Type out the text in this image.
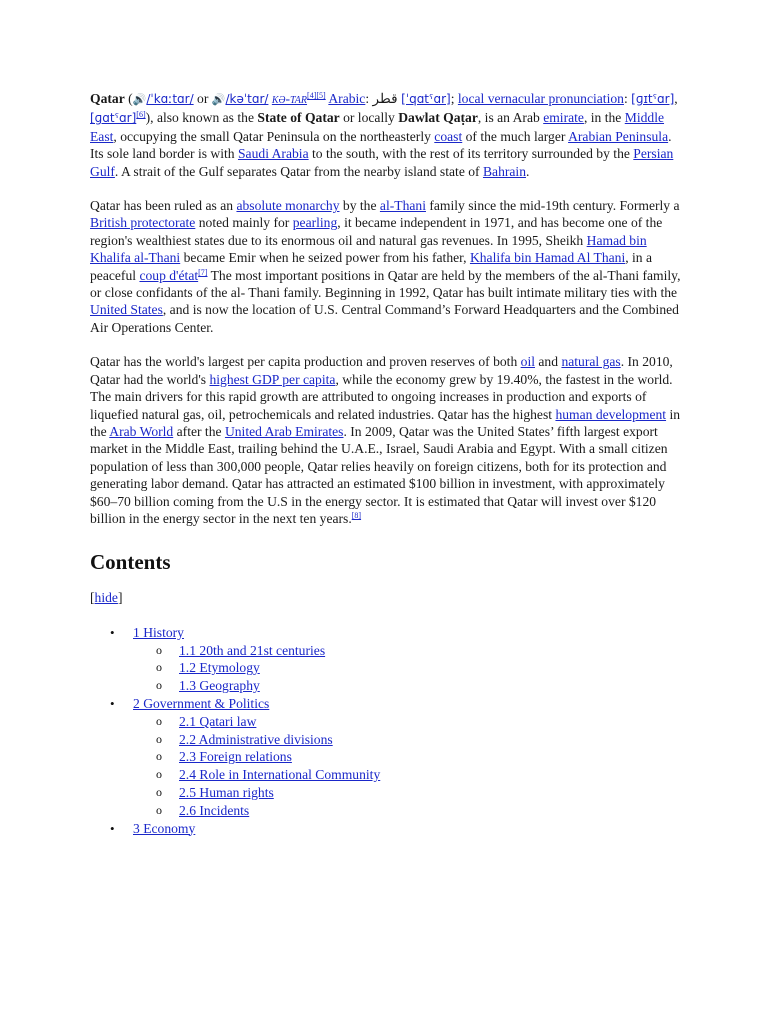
Qatar (🔊/ˈkɑːtɑr/ or 🔊/kəˈtɑr/ kə-tar[4][5] Arabic: قطر [ˈqɑtˤɑr]; local vernacular pronunciation: [ɡɪtˤɑr], [ɡɑtˤɑr][6]), also known as the State of Qatar or locally Dawlat Qaṭar, is an Arab emirate, in the Middle East, occupying the small Qatar Peninsula on the northeasterly coast of the much larger Arabian Peninsula. Its sole land border is with Saudi Arabia to the south, with the rest of its territory surrounded by the Persian Gulf. A strait of the Gulf separates Qatar from the nearby island state of Bahrain.

Qatar has been ruled as an absolute monarchy by the al-Thani family since the mid-19th century. Formerly a British protectorate noted mainly for pearling, it became independent in 1971, and has become one of the region's wealthiest states due to its enormous oil and natural gas revenues. In 1995, Sheikh Hamad bin Khalifa al-Thani became Emir when he seized power from his father, Khalifa bin Hamad Al Thani, in a peaceful coup d'état[7] The most important positions in Qatar are held by the members of the al-Thani family, or close confidants of the al- Thani family. Beginning in 1992, Qatar has built intimate military ties with the United States, and is now the location of U.S. Central Command’s Forward Headquarters and the Combined Air Operations Center.

Qatar has the world's largest per capita production and proven reserves of both oil and natural gas. In 2010, Qatar had the world's highest GDP per capita, while the economy grew by 19.40%, the fastest in the world. The main drivers for this rapid growth are attributed to ongoing increases in production and exports of liquefied natural gas, oil, petrochemicals and related industries. Qatar has the highest human development in the Arab World after the United Arab Emirates. In 2009, Qatar was the United States’ fifth largest export market in the Middle East, trailing behind the U.A.E., Israel, Saudi Arabia and Egypt. With a small citizen population of less than 300,000 people, Qatar relies heavily on foreign citizens, both for its protection and generating labor demand. Qatar has attracted an estimated $100 billion in investment, with approximately $60–70 billion coming from the U.S in the energy sector. It is estimated that Qatar will invest over $120 billion in the energy sector in the next ten years.[8]

Contents
[hide]
• 1 History
o 1.1 20th and 21st centuries
o 1.2 Etymology
o 1.3 Geography
• 2 Government & Politics
o 2.1 Qatari law
o 2.2 Administrative divisions
o 2.3 Foreign relations
o 2.4 Role in International Community
o 2.5 Human rights
o 2.6 Incidents
• 3 Economy
